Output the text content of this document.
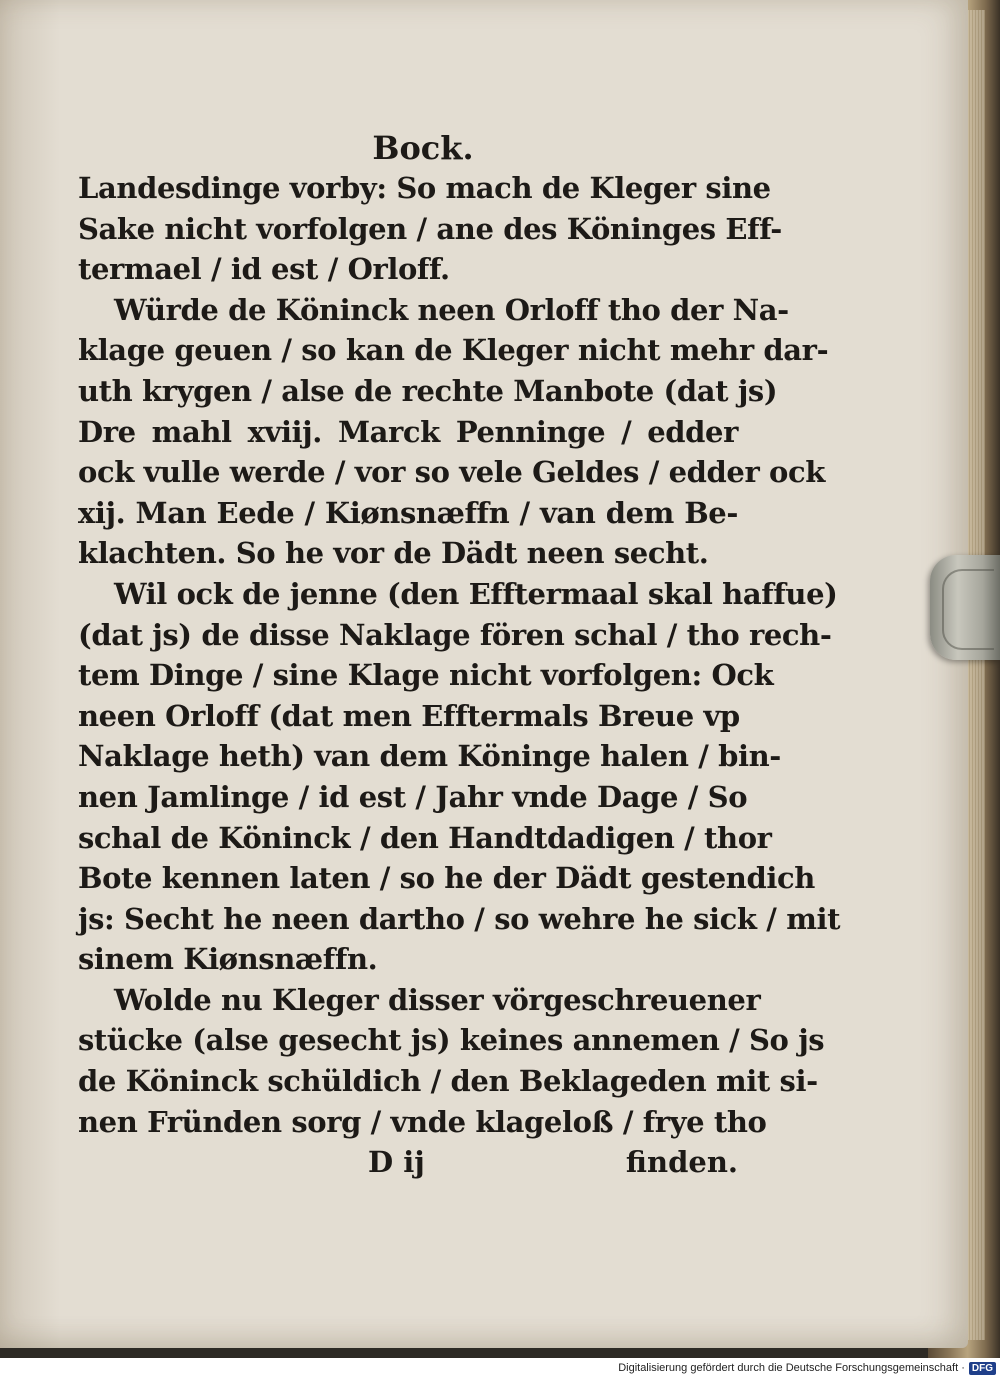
Bock.
Landesdinge vorby: So mach de Kleger sine
Sake nicht vorfolgen / ane des Köninges Eff-
termael / id est / Orloff.
Würde de Köninck neen Orloff tho der Na-
klage geuen / so kan de Kleger nicht mehr dar-
uth krygen / alse de rechte Manbote (dat js)
Dre mahl xviij. Marck Penninge / edder
ock vulle werde / vor so vele Geldes / edder ock
xij. Man Eede / Kiønsnæffn / van dem Be-
klachten. So he vor de Dädt neen secht.
Wil ock de jenne (den Efftermaal skal haffue)
(dat js) de disse Naklage fören schal / tho rech-
tem Dinge / sine Klage nicht vorfolgen: Ock
neen Orloff (dat men Efftermals Breue vp
Naklage heth) van dem Köninge halen / bin-
nen Jamlinge / id est / Jahr vnde Dage / So
schal de Köninck / den Handtdadigen / thor
Bote kennen laten / so he der Dädt gestendich
js: Secht he neen dartho / so wehre he sick / mit
sinem Kiønsnæffn.
Wolde nu Kleger disser vörgeschreuener
stücke (alse gesecht js) keines annemen / So js
de Köninck schüldich / den Beklageden mit si-
nen Fründen sorg / vnde klageloß / frye tho
D ij	finden.
Digitalisierung gefördert durch die Deutsche Forschungsgemeinschaft · DFG
